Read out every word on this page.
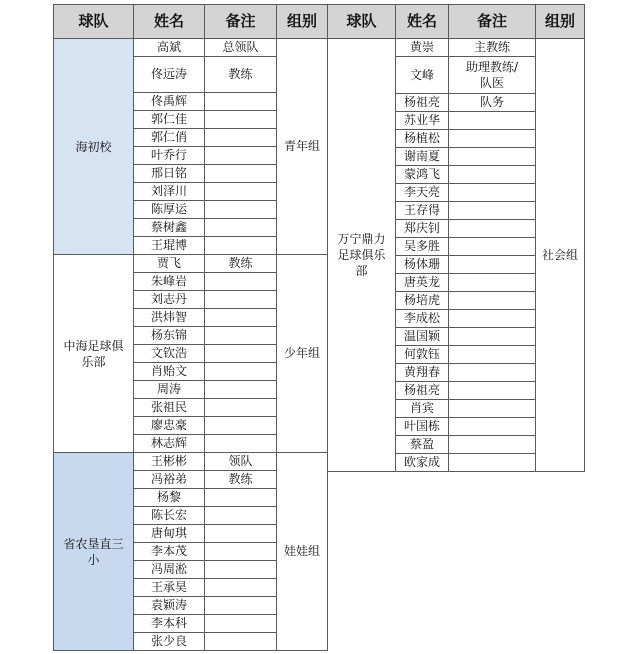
球队	姓名	备注	组别
海初校	高斌	总领队	青年组
	佟远涛	教练	
	佟禹辉		
	郭仁佳		
	郭仁俏		
	叶乔行		
	邢日铭		
	刘泽川		
	陈厚运		
	蔡树鑫		
	王琨博		
中海足球俱乐部	贾飞	教练	少年组
	朱峰岩		
	刘志丹		
	洪炜智		
	杨东锦		
	文钦浩		
	肖贻文		
	周涛		
	张祖民		
	廖忠豪		
	林志辉		
省农垦直三小	王彬彬	领队	娃娃组
	冯裕弟	教练	
	杨黎		
	陈长宏		
	唐甸琪		
	李本茂		
	冯周淞		
	王承昊		
	袁颖涛		
	李本科		
	张少良		
球队	姓名	备注	组别
万宁鼎力足球俱乐部	黄崇	主教练	社会组
	文峰	助理教练/队医	
	杨祖亮	队务	
	苏业华		
	杨植松		
	谢南夏		
	蒙鸿飞		
	李天亮		
	王存得		
	郑庆钊		
	吴多胜		
	杨体珊		
	唐英龙		
	杨培虎		
	李成松		
	温国颖		
	何敦钰		
	黄翔春		
	杨祖亮		
	肖宾		
	叶国栋		
	蔡盈		
	欧家成		
